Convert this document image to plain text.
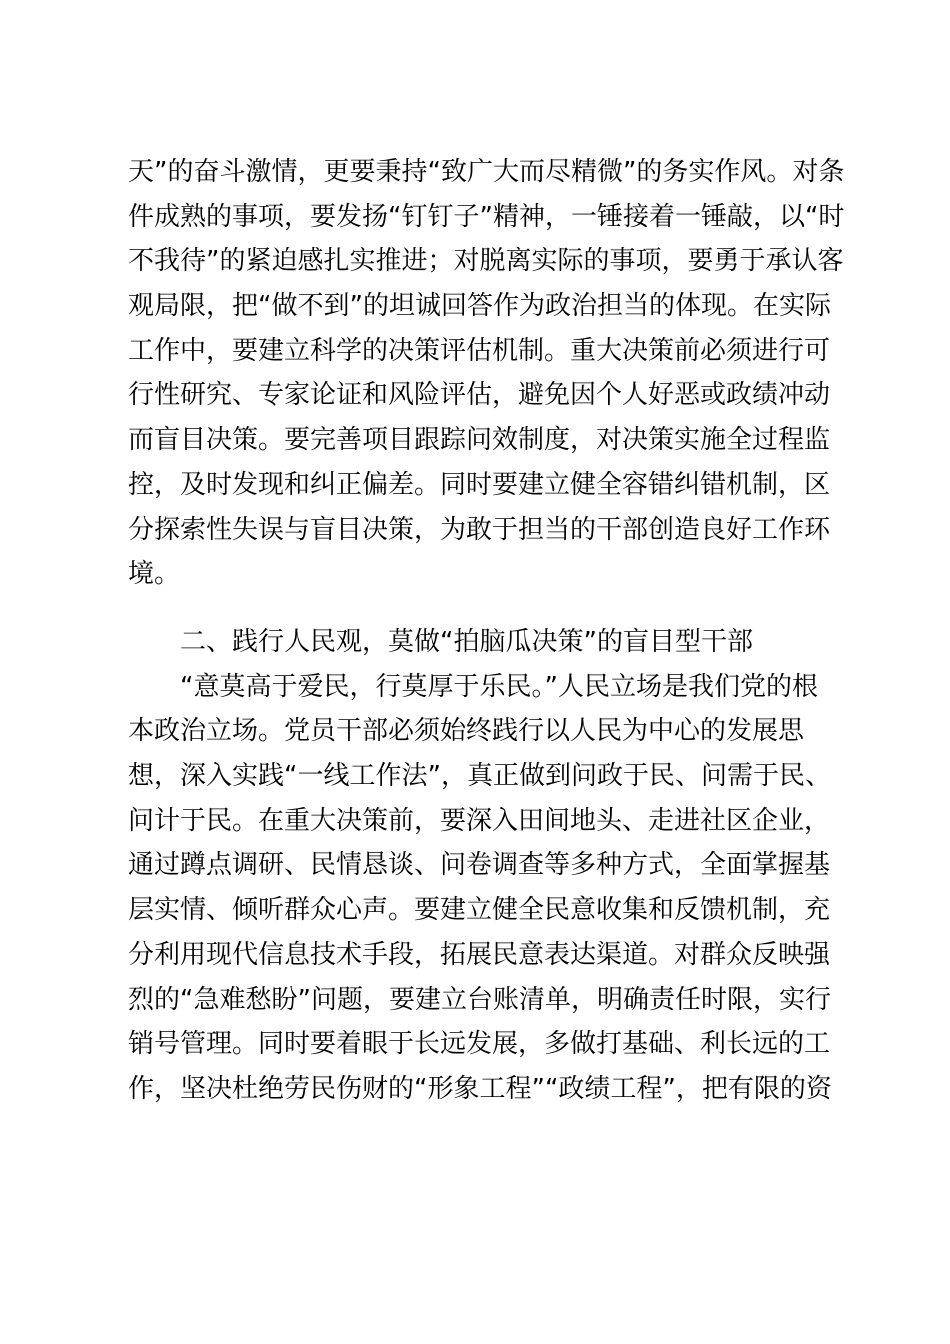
天”的奋斗激情，更要秉持“致广大而尽精微”的务实作风。对条
件成熟的事项，要发扬“钉钉子”精神，一锤接着一锤敲，以“时
不我待”的紧迫感扎实推进；对脱离实际的事项，要勇于承认客
观局限，把“做不到”的坦诚回答作为政治担当的体现。在实际
工作中，要建立科学的决策评估机制。重大决策前必须进行可
行性研究、专家论证和风险评估，避免因个人好恶或政绩冲动
而盲目决策。要完善项目跟踪问效制度，对决策实施全过程监
控，及时发现和纠正偏差。同时要建立健全容错纠错机制，区
分探索性失误与盲目决策，为敢于担当的干部创造良好工作环
境。
二、践行人民观，莫做“拍脑瓜决策”的盲目型干部
“意莫高于爱民，行莫厚于乐民。”人民立场是我们党的根
本政治立场。党员干部必须始终践行以人民为中心的发展思
想，深入实践“一线工作法”，真正做到问政于民、问需于民、
问计于民。在重大决策前，要深入田间地头、走进社区企业，
通过蹲点调研、民情恳谈、问卷调查等多种方式，全面掌握基
层实情、倾听群众心声。要建立健全民意收集和反馈机制，充
分利用现代信息技术手段，拓展民意表达渠道。对群众反映强
烈的“急难愁盼”问题，要建立台账清单，明确责任时限，实行
销号管理。同时要着眼于长远发展，多做打基础、利长远的工
作，坚决杜绝劳民伤财的“形象工程”“政绩工程”，把有限的资
